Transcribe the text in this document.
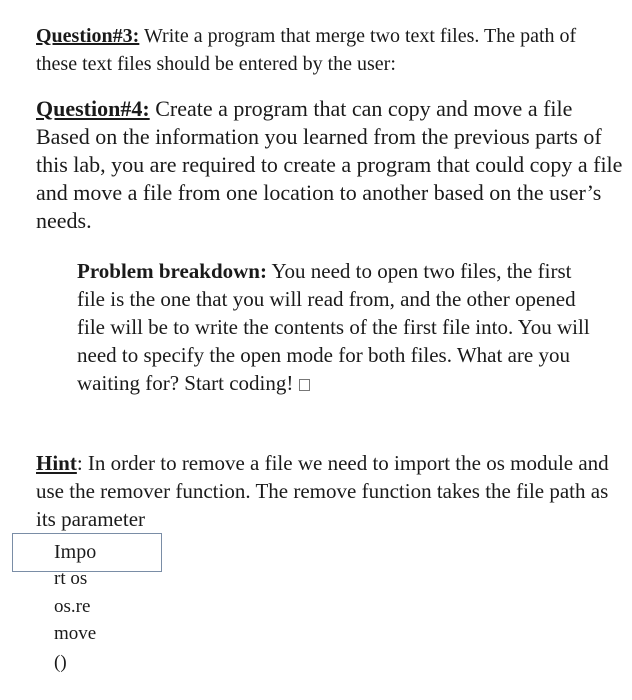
Question#3: Write a program that merge two text files. The path of these text files should be entered by the user:
Question#4: Create a program that can copy and move a file Based on the information you learned from the previous parts of this lab, you are required to create a program that could copy a file and move a file from one location to another based on the user’s needs.
Problem breakdown: You need to open two files, the first file is the one that you will read from, and the other opened file will be to write the contents of the first file into. You will need to specify the open mode for both files. What are you waiting for? Start coding!
Hint: In order to remove a file we need to import the os module and use the remover function. The remove function takes the file path as its parameter
Impo
rt os
os.re
move
()
